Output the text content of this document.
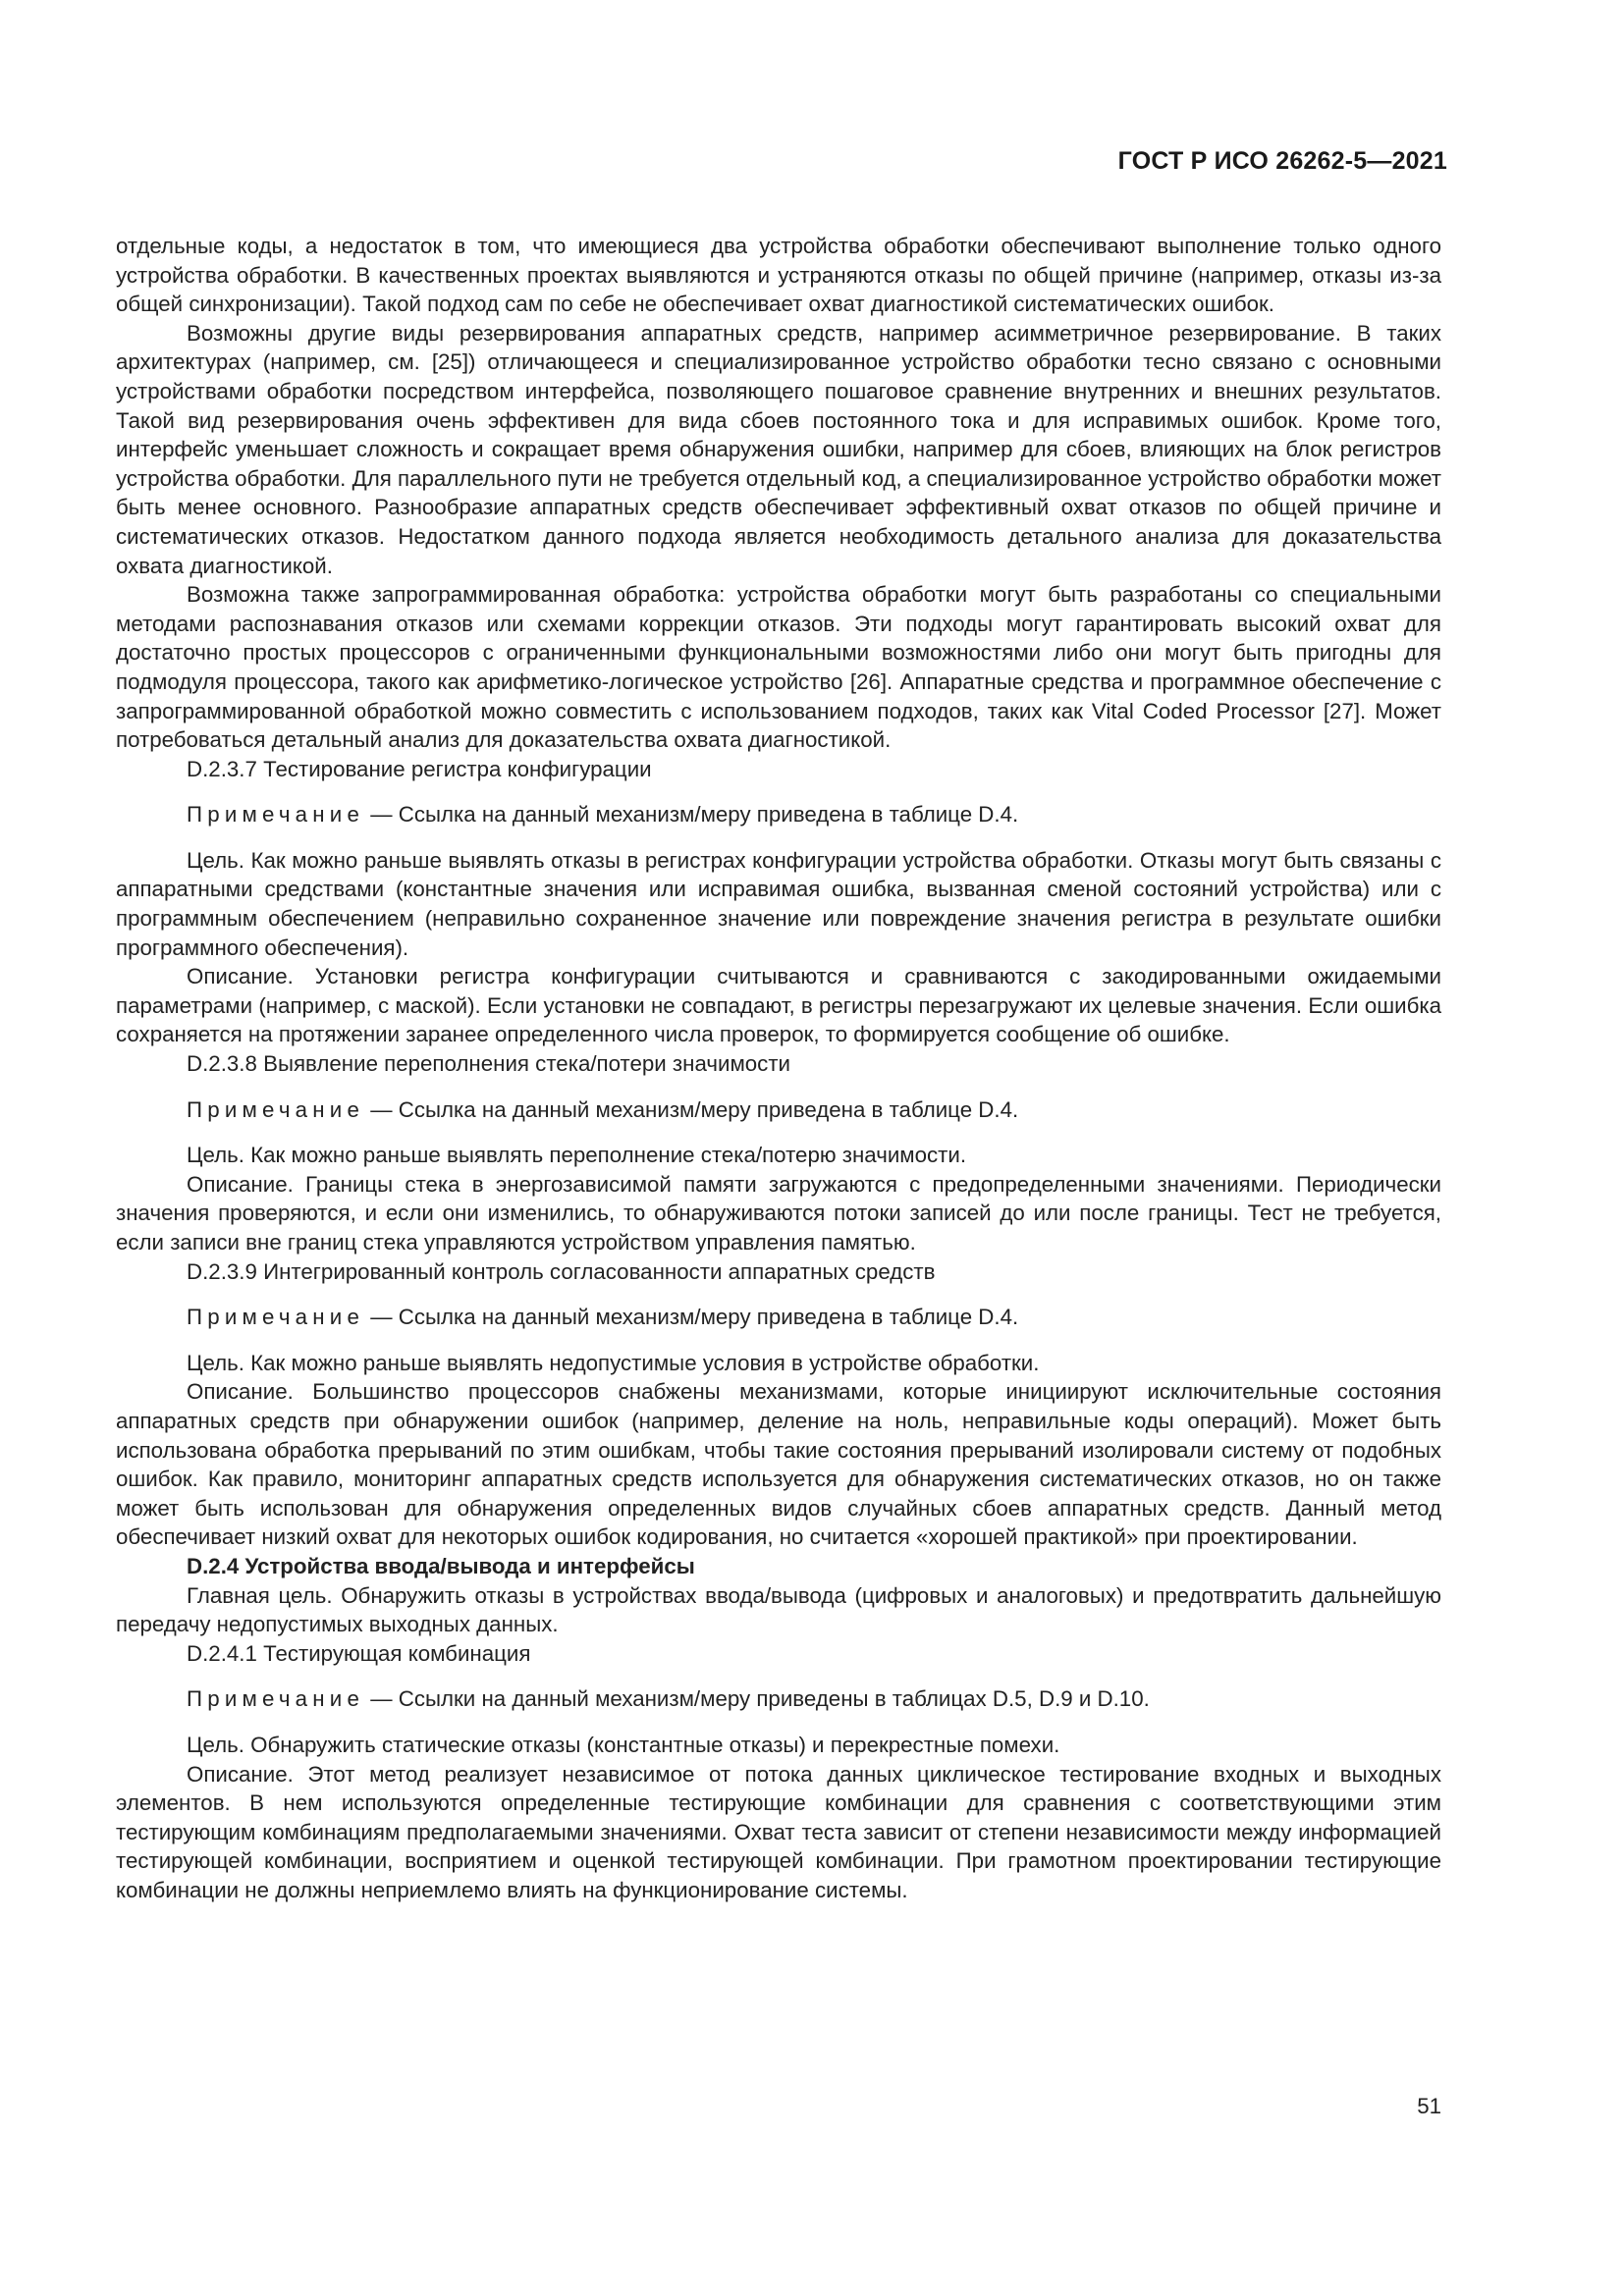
ГОСТ Р ИСО 26262-5—2021

отдельные коды, а недостаток в том, что имеющиеся два устройства обработки обеспечивают выполнение только одного устройства обработки. В качественных проектах выявляются и устраняются отказы по общей причине (например, отказы из-за общей синхронизации). Такой подход сам по себе не обеспечивает охват диагностикой систематических ошибок.

Возможны другие виды резервирования аппаратных средств, например асимметричное резервирование. В таких архитектурах (например, см. [25]) отличающееся и специализированное устройство обработки тесно связано с основными устройствами обработки посредством интерфейса, позволяющего пошаговое сравнение внутренних и внешних результатов. Такой вид резервирования очень эффективен для вида сбоев постоянного тока и для исправимых ошибок. Кроме того, интерфейс уменьшает сложность и сокращает время обнаружения ошибки, например для сбоев, влияющих на блок регистров устройства обработки. Для параллельного пути не требуется отдельный код, а специализированное устройство обработки может быть менее основного. Разнообразие аппаратных средств обеспечивает эффективный охват отказов по общей причине и систематических отказов. Недостатком данного подхода является необходимость детального анализа для доказательства охвата диагностикой.

Возможна также запрограммированная обработка: устройства обработки могут быть разработаны со специальными методами распознавания отказов или схемами коррекции отказов. Эти подходы могут гарантировать высокий охват для достаточно простых процессоров с ограниченными функциональными возможностями либо они могут быть пригодны для подмодуля процессора, такого как арифметико-логическое устройство [26]. Аппаратные средства и программное обеспечение с запрограммированной обработкой можно совместить с использованием подходов, таких как Vital Coded Processor [27]. Может потребоваться детальный анализ для доказательства охвата диагностикой.

D.2.3.7 Тестирование регистра конфигурации

Примечание — Ссылка на данный механизм/меру приведена в таблице D.4.

Цель. Как можно раньше выявлять отказы в регистрах конфигурации устройства обработки. Отказы могут быть связаны с аппаратными средствами (константные значения или исправимая ошибка, вызванная сменой состояний устройства) или с программным обеспечением (неправильно сохраненное значение или повреждение значения регистра в результате ошибки программного обеспечения).

Описание. Установки регистра конфигурации считываются и сравниваются с закодированными ожидаемыми параметрами (например, с маской). Если установки не совпадают, в регистры перезагружают их целевые значения. Если ошибка сохраняется на протяжении заранее определенного числа проверок, то формируется сообщение об ошибке.

D.2.3.8 Выявление переполнения стека/потери значимости

Примечание — Ссылка на данный механизм/меру приведена в таблице D.4.

Цель. Как можно раньше выявлять переполнение стека/потерю значимости.

Описание. Границы стека в энергозависимой памяти загружаются с предопределенными значениями. Периодически значения проверяются, и если они изменились, то обнаруживаются потоки записей до или после границы. Тест не требуется, если записи вне границ стека управляются устройством управления памятью.

D.2.3.9 Интегрированный контроль согласованности аппаратных средств

Примечание — Ссылка на данный механизм/меру приведена в таблице D.4.

Цель. Как можно раньше выявлять недопустимые условия в устройстве обработки.

Описание. Большинство процессоров снабжены механизмами, которые инициируют исключительные состояния аппаратных средств при обнаружении ошибок (например, деление на ноль, неправильные коды операций). Может быть использована обработка прерываний по этим ошибкам, чтобы такие состояния прерываний изолировали систему от подобных ошибок. Как правило, мониторинг аппаратных средств используется для обнаружения систематических отказов, но он также может быть использован для обнаружения определенных видов случайных сбоев аппаратных средств. Данный метод обеспечивает низкий охват для некоторых ошибок кодирования, но считается «хорошей практикой» при проектировании.

D.2.4 Устройства ввода/вывода и интерфейсы

Главная цель. Обнаружить отказы в устройствах ввода/вывода (цифровых и аналоговых) и предотвратить дальнейшую передачу недопустимых выходных данных.

D.2.4.1 Тестирующая комбинация

Примечание — Ссылки на данный механизм/меру приведены в таблицах D.5, D.9 и D.10.

Цель. Обнаружить статические отказы (константные отказы) и перекрестные помехи.

Описание. Этот метод реализует независимое от потока данных циклическое тестирование входных и выходных элементов. В нем используются определенные тестирующие комбинации для сравнения с соответствующими этим тестирующим комбинациям предполагаемыми значениями. Охват теста зависит от степени независимости между информацией тестирующей комбинации, восприятием и оценкой тестирующей комбинации. При грамотном проектировании тестирующие комбинации не должны неприемлемо влиять на функционирование системы.

51
